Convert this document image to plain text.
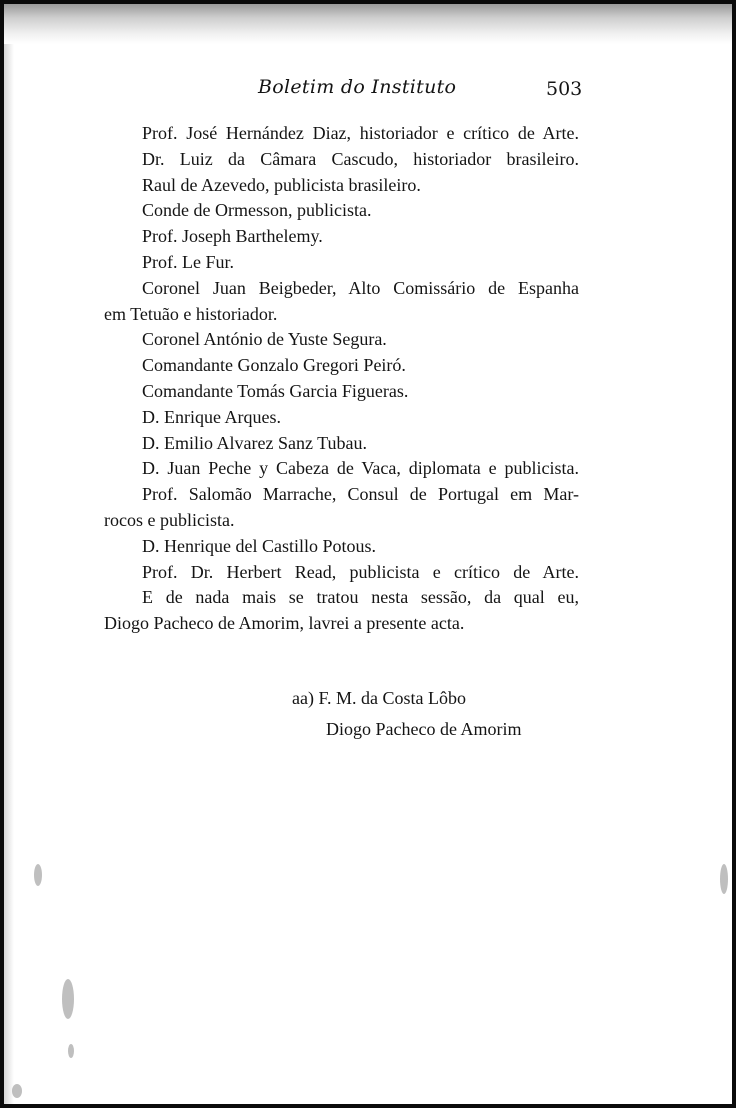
Boletim do Instituto	503
Prof. José Hernández Diaz, historiador e crítico de Arte.
Dr. Luiz da Câmara Cascudo, historiador brasileiro.
Raul de Azevedo, publicista brasileiro.
Conde de Ormesson, publicista.
Prof. Joseph Barthelemy.
Prof. Le Fur.
Coronel Juan Beigbeder, Alto Comissário de Espanha
em Tetuão e historiador.
Coronel António de Yuste Segura.
Comandante Gonzalo Gregori Peiró.
Comandante Tomás Garcia Figueras.
D. Enrique Arques.
D. Emilio Alvarez Sanz Tubau.
D. Juan Peche y Cabeza de Vaca, diplomata e publicista.
Prof. Salomão Marrache, Consul de Portugal em Mar-
rocos e publicista.
D. Henrique del Castillo Potous.
Prof. Dr. Herbert Read, publicista e crítico de Arte.
E de nada mais se tratou nesta sessão, da qual eu,
Diogo Pacheco de Amorim, lavrei a presente acta.
aa) F. M. da Costa Lôbo
Diogo Pacheco de Amorim
